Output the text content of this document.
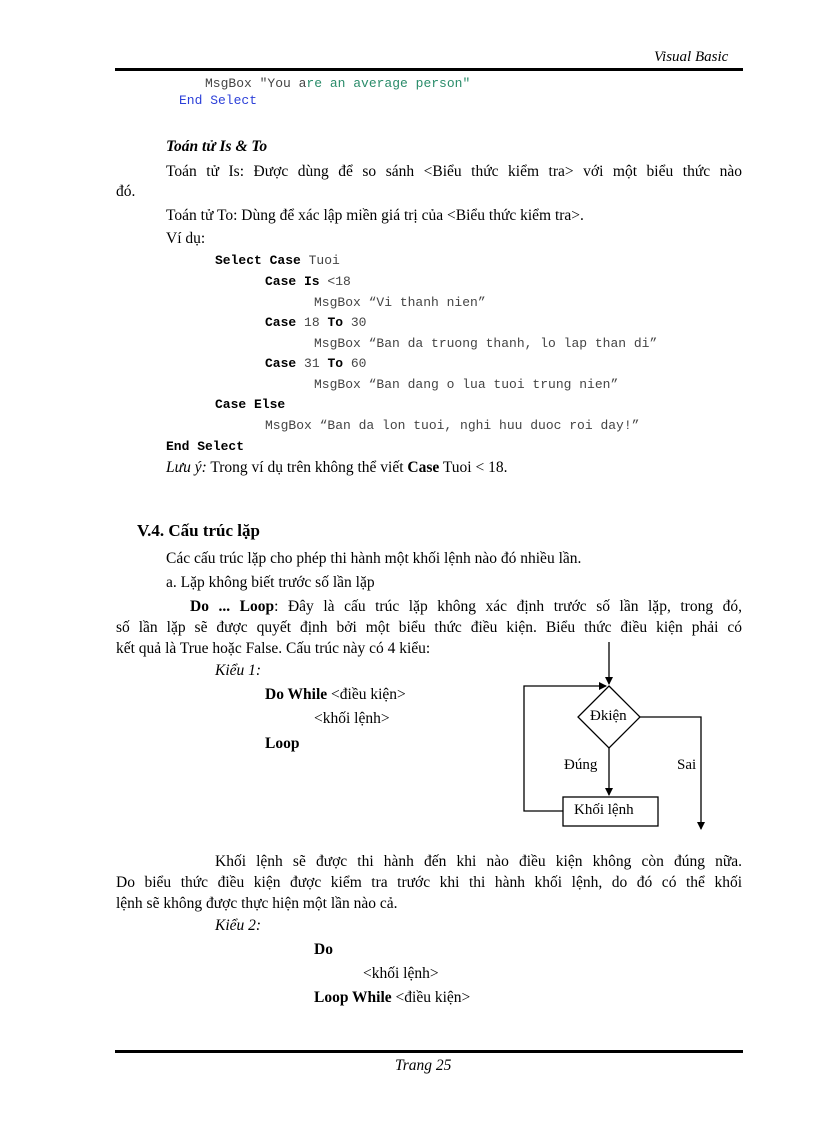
Visual Basic
MsgBox "You are an average person"
End Select
Toán tử Is & To
Toán tử Is: Được dùng để so sánh <Biểu thức kiểm tra> với một biểu thức nào
đó.
Toán tử To: Dùng để xác lập miền giá trị của <Biểu thức kiểm tra>.
Ví dụ:
Select Case Tuoi
Case Is <18
MsgBox “Vi thanh nien”
Case 18 To 30
MsgBox “Ban da truong thanh, lo lap than di”
Case 31 To 60
MsgBox “Ban dang o lua tuoi trung nien”
Case Else
MsgBox “Ban da lon tuoi, nghi huu duoc roi day!”
End Select
Lưu ý: Trong ví dụ trên không thể viết Case Tuoi < 18.
V.4. Cấu trúc lặp
Các cấu trúc lặp cho phép thi hành một khối lệnh nào đó nhiều lần.
a. Lặp không biết trước số lần lặp
Do ... Loop: Đây là cấu trúc lặp không xác định trước số lần lặp, trong đó,
số lần lặp sẽ được quyết định bởi một biểu thức điều kiện. Biểu thức điều kiện phải có
kết quả là True hoặc False. Cấu trúc này có 4 kiểu:
Kiểu 1:
Do While <điều kiện>
<khối lệnh>
Loop
Đkiện
Đúng	Sai
Khối lệnh
Khối lệnh sẽ được thi hành đến khi nào điều kiện không còn đúng nữa.
Do biểu thức điều kiện được kiểm tra trước khi thi hành khối lệnh, do đó có thể khối
lệnh sẽ không được thực hiện một lần nào cả.
Kiểu 2:
Do
<khối lệnh>
Loop While <điều kiện>
Trang 25
